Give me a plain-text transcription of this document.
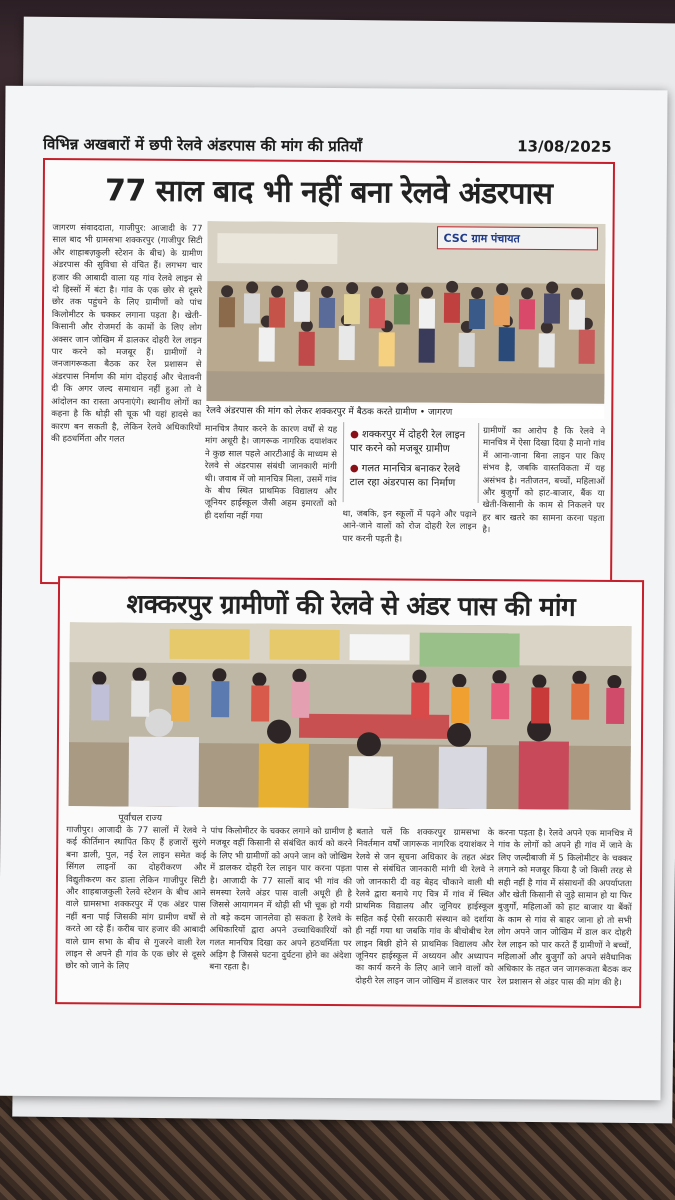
विभिन्न अखबारों में छपी रेलवे अंडरपास की मांग की प्रतियाँ	13/08/2025
77 साल बाद भी नहीं बना रेलवे अंडरपास
जागरण संवाददाता, गाजीपुर: आजादी के 77 साल बाद भी ग्रामसभा शक्करपुर (गाजीपुर सिटी और शाहाबज़कुली स्टेशन के बीच) के ग्रामीण अंडरपास की सुविधा से वंचित हैं। लगभग चार हजार की आबादी वाला यह गांव रेलवे लाइन से दो हिस्सों में बंटा है। गांव के एक छोर से दूसरे छोर तक पहुंचने के लिए ग्रामीणों को पांच किलोमीटर के चक्कर लगाना पड़ता है। खेती-किसानी और रोजमर्रा के कामों के लिए लोग अक्सर जान जोखिम में डालकर दोहरी रेल लाइन पार करने को मजबूर हैं। ग्रामीणों ने जनजागरूकता बैठक कर रेल प्रशासन से अंडरपास निर्माण की मांग दोहराई और चेतावनी दी कि अगर जल्द समाधान नहीं हुआ तो वे आंदोलन का रास्ता अपनाएंगे। स्थानीय लोगों का कहना है कि थोड़ी सी चूक भी यहां हादसे का कारण बन सकती है, लेकिन रेलवे अधिकारियों की हठधर्मिता और गलत
CSC ग्राम पंचायत
रेलवे अंडरपास की मांग को लेकर शक्करपुर में बैठक करते ग्रामीण • जागरण
मानचित्र तैयार करने के कारण वर्षों से यह मांग अधूरी है। जागरूक नागरिक दयाशंकर ने कुछ साल पहले आरटीआई के माध्यम से रेलवे से अंडरपास संबंधी जानकारी मांगी थी। जवाब में जो मानचित्र मिला, उसमें गांव के बीच स्थित प्राथमिक विद्यालय और जूनियर हाईस्कूल जैसी अहम इमारतों को ही दर्शाया नहीं गया
● शक्करपुर में दोहरी रेल लाइन पार करने को मजबूर ग्रामीण
● गलत मानचित्र बनाकर रेलवे टाल रहा अंडरपास का निर्माण
था, जबकि, इन स्कूलों में पढ़ने और पढ़ाने आने-जाने वालों को रोज दोहरी रेल लाइन पार करनी पड़ती है।
ग्रामीणों का आरोप है कि रेलवे ने मानचित्र में ऐसा दिखा दिया है मानो गांव में आना-जाना बिना लाइन पार किए संभव है, जबकि वास्तविकता में यह असंभव है। नतीजतन, बच्चों, महिलाओं और बुजुर्गों को हाट-बाजार, बैंक या खेती-किसानी के काम से निकलने पर हर बार खतरे का सामना करना पड़ता है।
शक्करपुर ग्रामीणों की रेलवे से अंडर पास की मांग
पूर्वांचल राज्य
गाजीपुर। आजादी के 77 सालों में रेलवे ने कई कीर्तिमान स्थापित किए हैं हजारों सुरंगे बना डाली, पुल, नई रेल लाइन समेत कई सिंगल लाइनों का दोहरीकरण और विद्युतीकरण कर डाला लेकिन गाजीपुर सिटी और शाहबाजकुली रेलवे स्टेशन के बीच आने वाले ग्रामसभा शक्करपुर में एक अंडर पास नहीं बना पाई जिसकी मांग ग्रामीण वर्षों से करते आ रहे हैं। करीब चार हजार की आबादी वाले ग्राम सभा के बीच से गुजरने वाली रेल लाइन से अपने ही गांव के एक छोर से दूसरे छोर को जाने के लिए
पांच किलोमीटर के चक्कर लगाने को ग्रामीण है मजबूर वहीं किसानी से संबंधित कार्य को करने के लिए भी ग्रामीणों को अपने जान को जोखिम में डालकर दोहरी रेल लाइन पार करना पड़ता है। आजादी के 77 सालों बाद भी गांव की समस्या रेलवे अंडर पास वाली अधूरी ही है जिससे आयागमन में थोड़ी सी भी चूक हो गयी तो बड़े कदम जानलेवा हो सकता है रेलवे के अधिकारियों द्वारा अपने उच्चाधिकारियों को गलत मानचित्र दिखा कर अपने हठधर्मिता पर अड़िग है जिससे घटना दुर्घटना होने का अंदेशा बना रहता है।
बताते चलें कि शक्करपुर ग्रामसभा के निवर्तमान वर्षों जागरूक नागरिक दयाशंकर ने रेलवे से जन सूचना अधिकार के तहत अंडर पास से संबंधित जानकारी मांगी थी रेलवे ने जो जानकारी दी वह बेहद चौकाने वाली थी रेलवे द्वारा बनाये गए चित्र में गांव में स्थित प्राथमिक विद्यालय और जूनियर हाईस्कूल सहित कई ऐसी सरकारी संस्थान को दर्शाया ही नहीं गया था जबकि गांव के बीचोबीच रेल लाइन बिछी होने से प्राथमिक विद्यालय और जूनियर हाईस्कूल में अध्ययन और अध्यापन का कार्य करने के लिए आने जाने वालों को दोहरी रेल लाइन जान जोखिम में डालकर पार
करना पड़ता है। रेलवे अपने एक मानचित्र में गांव के लोगों को अपने ही गांव में जाने के लिए जल्दीबाजी में 5 किलोमीटर के चक्कर लगाने को मजबूर किया है जो किसी तरह से सही नहीं है गांव में संसाधनों की अपर्याप्तता और खेती किसानी से जुड़े सामान हो या फिर बुजुर्गों, महिलाओं को हाट बाजार या बैंकों के काम से गांव से बाहर जाना हो तो सभी लोग अपने जान जोखिम में डाल कर दोहरी रेल लाइन को पार करते हैं ग्रामीणों ने बच्चों, महिलाओं और बुजुर्गों को अपने संवैधानिक अधिकार के तहत जन जागरूकता बैठक कर रेल प्रशासन से अंडर पास की मांग की है।
